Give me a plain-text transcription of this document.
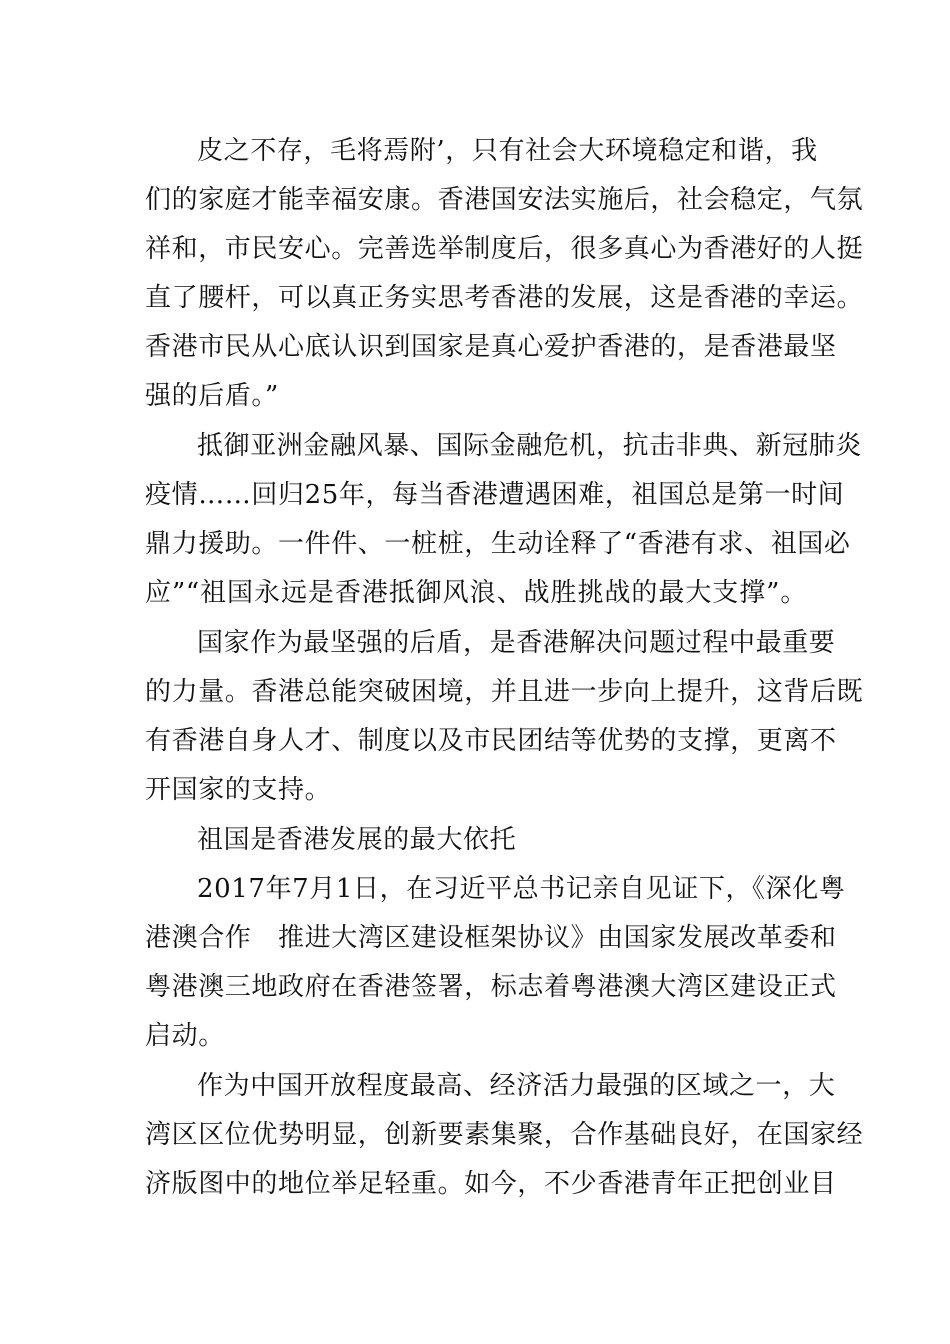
皮之不存，毛将焉附’，只有社会大环境稳定和谐，我
们的家庭才能幸福安康。香港国安法实施后，社会稳定，气氛
祥和，市民安心。完善选举制度后，很多真心为香港好的人挺
直了腰杆，可以真正务实思考香港的发展，这是香港的幸运。
香港市民从心底认识到国家是真心爱护香港的，是香港最坚
强的后盾。”
抵御亚洲金融风暴、国际金融危机，抗击非典、新冠肺炎
疫情……回归25年，每当香港遭遇困难，祖国总是第一时间
鼎力援助。一件件、一桩桩，生动诠释了“香港有求、祖国必
应”“祖国永远是香港抵御风浪、战胜挑战的最大支撑”。
国家作为最坚强的后盾，是香港解决问题过程中最重要
的力量。香港总能突破困境，并且进一步向上提升，这背后既
有香港自身人才、制度以及市民团结等优势的支撑，更离不
开国家的支持。
祖国是香港发展的最大依托
2017年7月1日，在习近平总书记亲自见证下，《深化粤
港澳合作　推进大湾区建设框架协议》由国家发展改革委和
粤港澳三地政府在香港签署，标志着粤港澳大湾区建设正式
启动。
作为中国开放程度最高、经济活力最强的区域之一，大
湾区区位优势明显，创新要素集聚，合作基础良好，在国家经
济版图中的地位举足轻重。如今，不少香港青年正把创业目
